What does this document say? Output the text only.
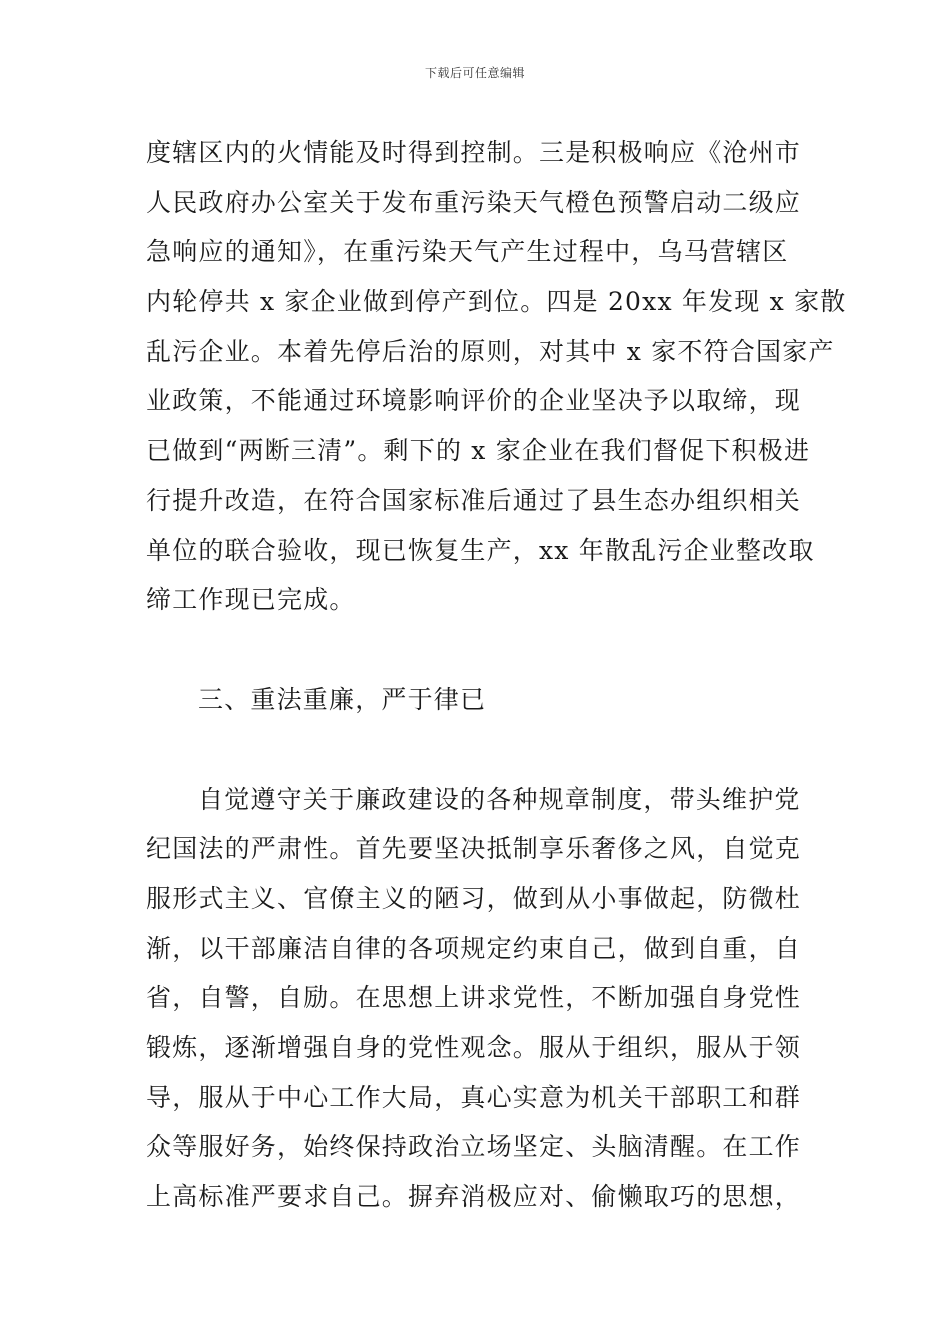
下载后可任意编辑
度辖区内的火情能及时得到控制。三是积极响应《沧州市
人民政府办公室关于发布重污染天气橙色预警启动二级应
急响应的通知》，在重污染天气产生过程中，乌马营辖区
内轮停共 x 家企业做到停产到位。四是 20xx 年发现 x 家散
乱污企业。本着先停后治的原则，对其中 x 家不符合国家产
业政策，不能通过环境影响评价的企业坚决予以取缔，现
已做到“两断三清”。剩下的 x 家企业在我们督促下积极进
行提升改造，在符合国家标准后通过了县生态办组织相关
单位的联合验收，现已恢复生产，xx 年散乱污企业整改取
缔工作现已完成。
三、重法重廉，严于律已
自觉遵守关于廉政建设的各种规章制度，带头维护党
纪国法的严肃性。首先要坚决抵制享乐奢侈之风，自觉克
服形式主义、官僚主义的陋习，做到从小事做起，防微杜
渐，以干部廉洁自律的各项规定约束自己，做到自重，自
省，自警，自励。在思想上讲求党性，不断加强自身党性
锻炼，逐渐增强自身的党性观念。服从于组织，服从于领
导，服从于中心工作大局，真心实意为机关干部职工和群
众等服好务，始终保持政治立场坚定、头脑清醒。在工作
上高标准严要求自己。摒弃消极应对、偷懒取巧的思想，
